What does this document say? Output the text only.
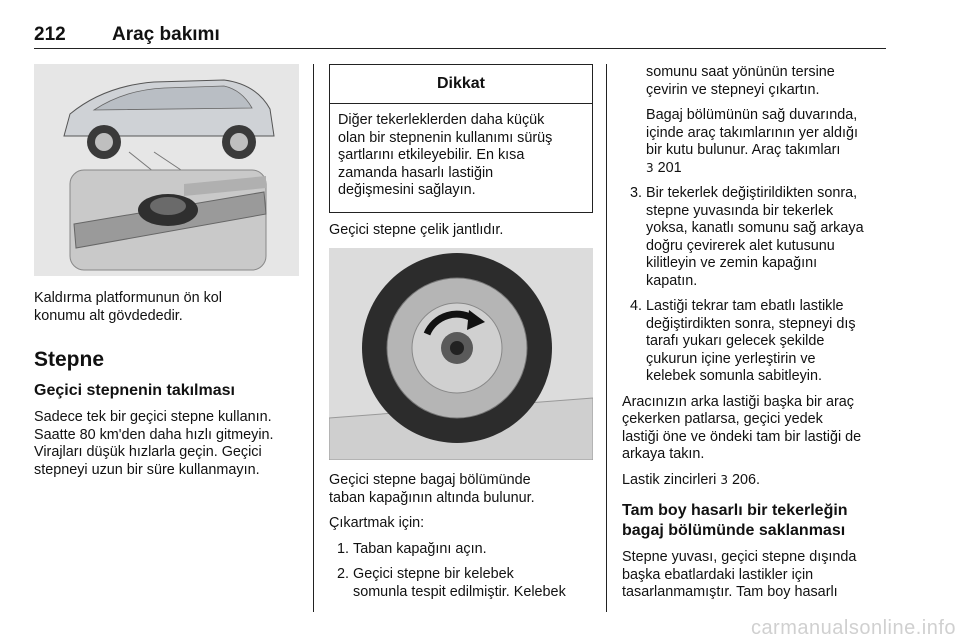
212 Araç bakımı

Kaldırma platformunun ön kol

konumu alt gövdededir.

Stepne
Geçici stepnenin takılması

Sadece tek bir geçici stepne kullanın.

Saatte 80 km'den daha hızlı gitmeyin.

Virajları düşük hızlarla geçin. Geçici

stepneyi uzun bir süre kullanmayın.

Dikkat

Diğer tekerleklerden daha küçük

olan bir stepnenin kullanımı sürüş

şartlarını etkileyebilir. En kısa

zamanda hasarlı lastiğin

değişmesini sağlayın.

Geçici stepne çelik jantlıdır.

Geçici stepne bagaj bölümünde

taban kapağının altında bulunur.

Çıkartmak için:

1. Taban kapağını açın.

2. Geçici stepne bir kelebek

somunla tespit edilmiştir. Kelebek

somunu saat yönünün tersine

çevirin ve stepneyi çıkartın.

Bagaj bölümünün sağ duvarında,

içinde araç takımlarının yer aldığı

bir kutu bulunur. Araç takımları

3 201

3. Bir tekerlek değiştirildikten sonra,

stepne yuvasında bir tekerlek

yoksa, kanatlı somunu sağ arkaya

doğru çevirerek alet kutusunu

kilitleyin ve zemin kapağını

kapatın.

4. Lastiği tekrar tam ebatlı lastikle

değiştirdikten sonra, stepneyi dış

tarafı yukarı gelecek şekilde

çukurun içine yerleştirin ve

kelebek somunla sabitleyin.

Aracınızın arka lastiği başka bir araç

çekerken patlarsa, geçici yedek

lastiği öne ve öndeki tam bir lastiği de

arkaya takın.

Lastik zincirleri 3 206.

Tam boy hasarlı bir tekerleğin
bagaj bölümünde saklanması

Stepne yuvası, geçici stepne dışında

başka ebatlardaki lastikler için

tasarlanmamıştır. Tam boy hasarlı

carmanualsonline.info
